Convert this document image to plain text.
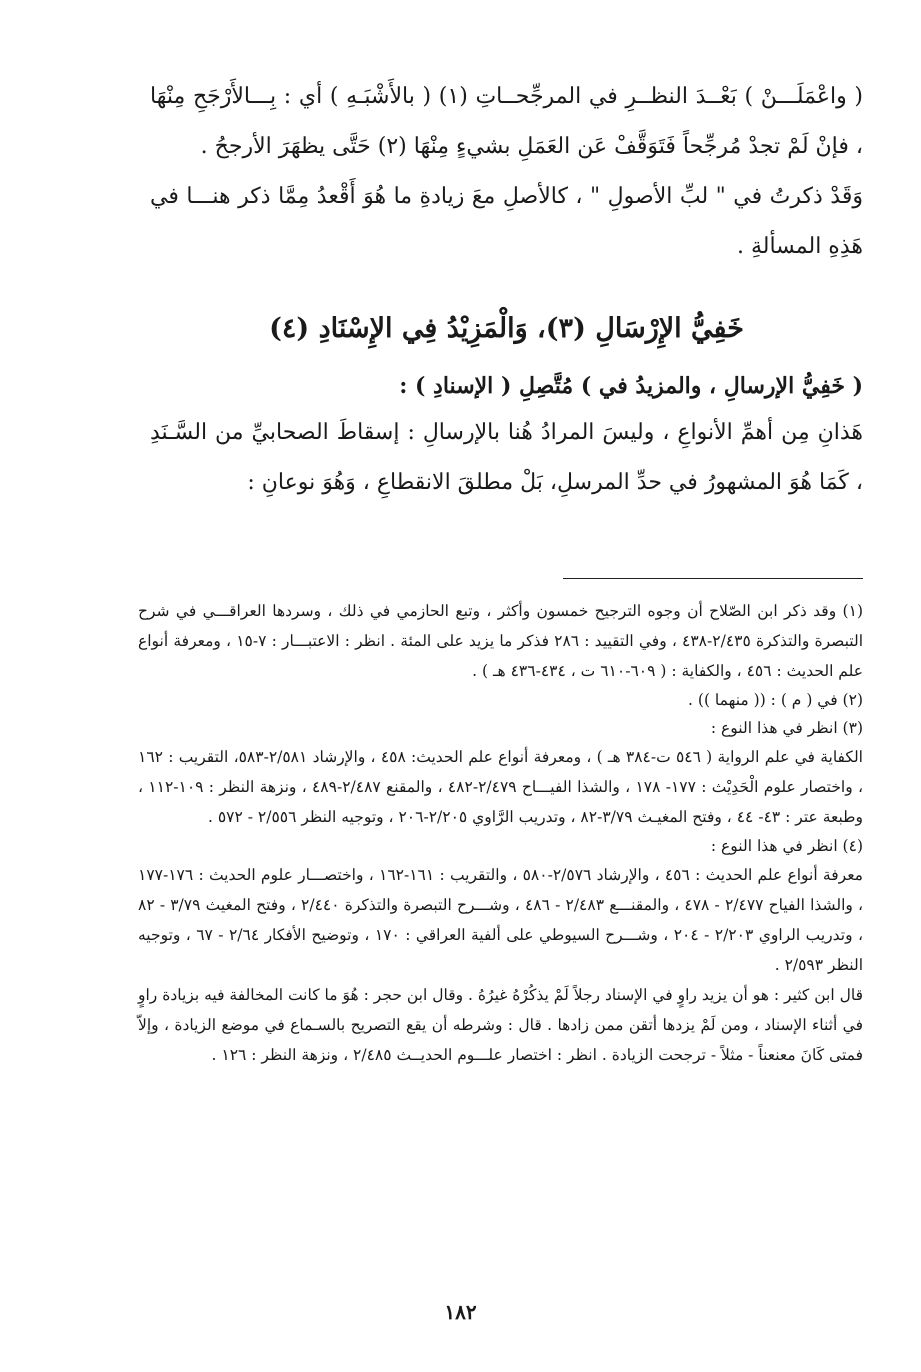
( واعْمَلَـــنْ ) بَعْــدَ النظــرِ في المرجِّحــاتِ (١) ( بالأَشْبَـهِ ) أي : بِـــالأَرْجَحِ مِنْهَا ، فإنْ لَمْ تجدْ مُرجِّحاً فَتَوَقَّفْ عَن العَمَلِ بشيءٍ مِنْهَا (٢) حَتَّى يظهَرَ الأرجحُ .

وَقَدْ ذكرتُ في " لبِّ الأصولِ " ، كالأصلِ معَ زيادةِ ما هُوَ أَقْعدُ مِمَّا ذكر هنـــا في هَذِهِ المسألةِ .

خَفِيُّ الإِرْسَالِ (٣)، وَالْمَزِيْدُ فِي الإِسْنَادِ (٤)

( خَفِيُّ الإرسالِ ، والمزيدُ في ) مُتَّصِلِ ( الإسنادِ ) :

هَذانِ مِن أهمِّ الأنواعِ ، وليسَ المرادُ هُنا بالإرسالِ : إسقاطَ الصحابيِّ من السَّـنَدِ ، كَمَا هُوَ المشهورُ في حدِّ المرسلِ، بَلْ مطلقَ الانقطاعِ ، وَهُوَ نوعانِ :

(١) وقد ذكر ابن الصّلاح أن وجوه الترجيح خمسون وأكثر ، وتبع الحازمي في ذلك ، وسردها العراقـــي في شرح التبصرة والتذكرة ٢/٤٣٥-٤٣٨ ، وفي التقييد : ٢٨٦ فذكر ما يزيد على المئة . انظر : الاعتبـــار : ٧-١٥ ، ومعرفة أنواع علم الحديث : ٤٥٦ ، والكفاية : ( ٦٠٩-٦١٠ ت ، ٤٣٤-٤٣٦ هـ ) .

(٢) في ( م ) : (( منهما )) .

(٣) انظر في هذا النوع :

الكفاية في علم الرواية ( ٥٤٦ ت-٣٨٤ هـ ) ، ومعرفة أنواع علم الحديث: ٤٥٨ ، والإرشاد ٢/٥٨١-٥٨٣، التقريب : ١٦٢ ، واختصار علوم الْحَدِيْث : ١٧٧- ١٧٨ ، والشذا الفيـــاح ٢/٤٧٩-٤٨٢ ، والمقنع ٢/٤٨٧-٤٨٩ ، ونزهة النظر : ١٠٩-١١٢ ، وطبعة عتر : ٤٣- ٤٤ ، وفتح المغيـث ٣/٧٩-٨٢ ، وتدريب الرَّاوي ٢/٢٠٥-٢٠٦ ، وتوجيه النظر ٢/٥٥٦ - ٥٧٢ .

(٤) انظر في هذا النوع :

معرفة أنواع علم الحديث : ٤٥٦ ، والإرشاد ٢/٥٧٦-٥٨٠ ، والتقريب : ١٦١-١٦٢ ، واختصـــار علوم الحديث : ١٧٦-١٧٧ ، والشذا الفياح ٢/٤٧٧ - ٤٧٨ ، والمقنـــع ٢/٤٨٣ - ٤٨٦ ، وشـــرح التبصرة والتذكرة ٢/٤٤٠ ، وفتح المغيث ٣/٧٩ - ٨٢ ، وتدريب الراوي ٢/٢٠٣ - ٢٠٤ ، وشـــرح السيوطي على ألفية العراقي : ١٧٠ ، وتوضيح الأفكار ٢/٦٤ - ٦٧ ، وتوجيه النظر ٢/٥٩٣ .

قال ابن كثير : هو أن يزيد راوٍ في الإسناد رجلاً لَمْ يذكُرْهُ غيرُهُ . وقال ابن حجر : هُوَ ما كانت المخالفة فيه بزيادة راوٍ في أثناء الإسناد ، ومن لَمْ يزدها أتقن ممن زادها . قال : وشرطه أن يقع التصريح بالسـماع في موضع الزيادة ، وإلاّ فمتى كَانَ معنعناً - مثلاً - ترجحت الزيادة . انظر : اختصار علـــوم الحديــث ٢/٤٨٥ ، ونزهة النظر : ١٢٦ .

١٨٢
